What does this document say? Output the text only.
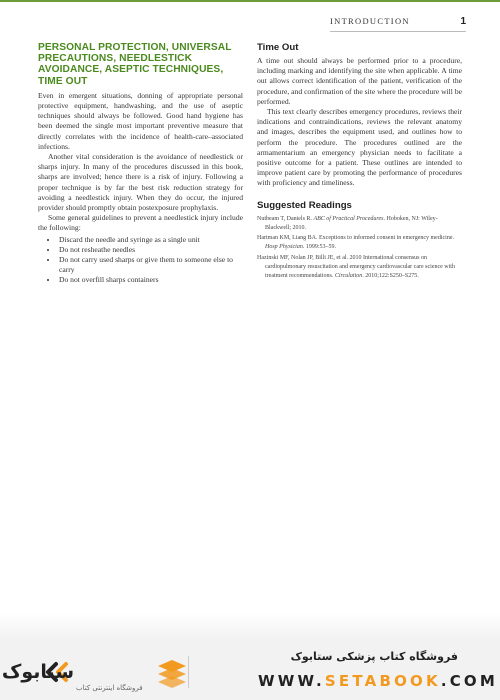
INTRODUCTION	1
PERSONAL PROTECTION, UNIVERSAL PRECAUTIONS, NEEDLESTICK AVOIDANCE, ASEPTIC TECHNIQUES, TIME OUT

Even in emergent situations, donning of appropriate personal protective equipment, handwashing, and the use of aseptic techniques should always be followed. Good hand hygiene has been deemed the single most important preventive measure that directly correlates with the incidence of health-care–associated infections.

Another vital consideration is the avoidance of needlestick or sharps injury. In many of the procedures discussed in this book, sharps are involved; hence there is a risk of injury. Following a proper technique is by far the best risk reduction strategy for avoiding a needlestick injury. When they do occur, the injured provider should promptly obtain postexposure prophylaxis.

Some general guidelines to prevent a needlestick injury include the following:

• Discard the needle and syringe as a single unit
• Do not resheathe needles
• Do not carry used sharps or give them to someone else to carry
• Do not overfill sharps containers
Time Out

A time out should always be performed prior to a procedure, including marking and identifying the site when applicable. A time out allows correct identification of the patient, verification of the procedure, and confirmation of the site where the procedure will be performed.

This text clearly describes emergency procedures, reviews their indications and contraindications, reviews the relevant anatomy and images, describes the equipment used, and outlines how to perform the procedure. The procedures outlined are the armamentarium an emergency physician needs to facilitate a positive outcome for a patient. These outlines are intended to improve patient care by promoting the performance of procedures with proficiency and timeliness.

Suggested Readings
Nutbeam T, Daniels R. ABC of Practical Procedures. Hoboken, NJ: Wiley-Blackwell; 2010.
Hartman KM, Liang BA. Exceptions to informed consent in emergency medicine. Hosp Physician. 1999:53–59.
Hazinski MF, Nolan JP, Billi JE, et al. 2010 International consensus on cardiopulmonary resuscitation and emergency cardiovascular care science with treatment recommendations. Circulation. 2010;122:S250–S275.
ستابوک
فروشگاه اینترنتی کتاب
فروشگاه کتاب پزشکی ستابوک
WWW.SETABOOK.COM
